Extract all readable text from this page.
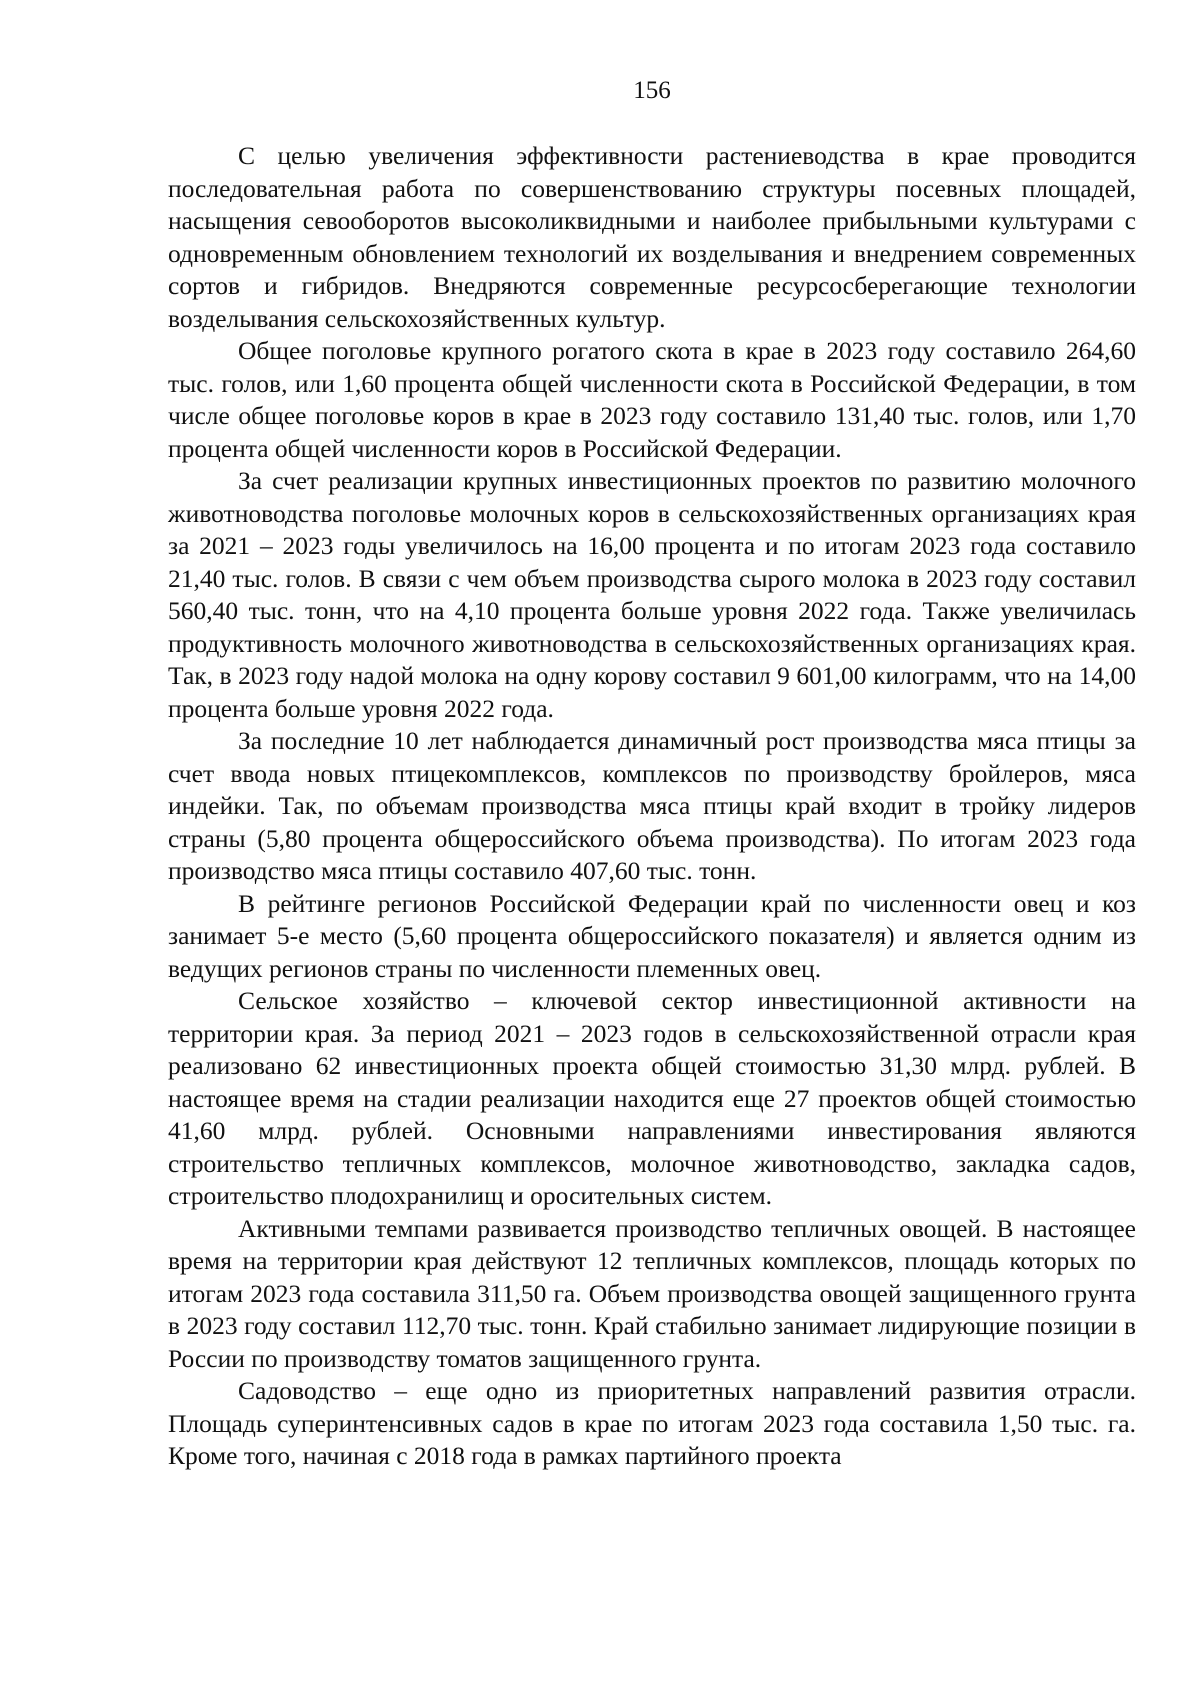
156

С целью увеличения эффективности растениеводства в крае проводится последовательная работа по совершенствованию структуры посевных площадей, насыщения севооборотов высоколиквидными и наиболее прибыльными культурами с одновременным обновлением технологий их возделывания и внедрением современных сортов и гибридов. Внедряются современные ресурсосберегающие технологии возделывания сельскохозяйственных культур.

Общее поголовье крупного рогатого скота в крае в 2023 году составило 264,60 тыс. голов, или 1,60 процента общей численности скота в Российской Федерации, в том числе общее поголовье коров в крае в 2023 году составило 131,40 тыс. голов, или 1,70 процента общей численности коров в Российской Федерации.

За счет реализации крупных инвестиционных проектов по развитию молочного животноводства поголовье молочных коров в сельскохозяйственных организациях края за 2021 – 2023 годы увеличилось на 16,00 процента и по итогам 2023 года составило 21,40 тыс. голов. В связи с чем объем производства сырого молока в 2023 году составил 560,40 тыс. тонн, что на 4,10 процента больше уровня 2022 года. Также увеличилась продуктивность молочного животноводства в сельскохозяйственных организациях края. Так, в 2023 году надой молока на одну корову составил 9 601,00 килограмм, что на 14,00 процента больше уровня 2022 года.

За последние 10 лет наблюдается динамичный рост производства мяса птицы за счет ввода новых птицекомплексов, комплексов по производству бройлеров, мяса индейки. Так, по объемам производства мяса птицы край входит в тройку лидеров страны (5,80 процента общероссийского объема производства). По итогам 2023 года производство мяса птицы составило 407,60 тыс. тонн.

В рейтинге регионов Российской Федерации край по численности овец и коз занимает 5-е место (5,60 процента общероссийского показателя) и является одним из ведущих регионов страны по численности племенных овец.

Сельское хозяйство – ключевой сектор инвестиционной активности на территории края. За период 2021 – 2023 годов в сельскохозяйственной отрасли края реализовано 62 инвестиционных проекта общей стоимостью 31,30 млрд. рублей. В настоящее время на стадии реализации находится еще 27 проектов общей стоимостью 41,60 млрд. рублей. Основными направлениями инвестирования являются строительство тепличных комплексов, молочное животноводство, закладка садов, строительство плодохранилищ и оросительных систем.

Активными темпами развивается производство тепличных овощей. В настоящее время на территории края действуют 12 тепличных комплексов, площадь которых по итогам 2023 года составила 311,50 га. Объем производства овощей защищенного грунта в 2023 году составил 112,70 тыс. тонн. Край стабильно занимает лидирующие позиции в России по производству томатов защищенного грунта.

Садоводство – еще одно из приоритетных направлений развития отрасли. Площадь суперинтенсивных садов в крае по итогам 2023 года составила 1,50 тыс. га. Кроме того, начиная с 2018 года в рамках партийного проекта
